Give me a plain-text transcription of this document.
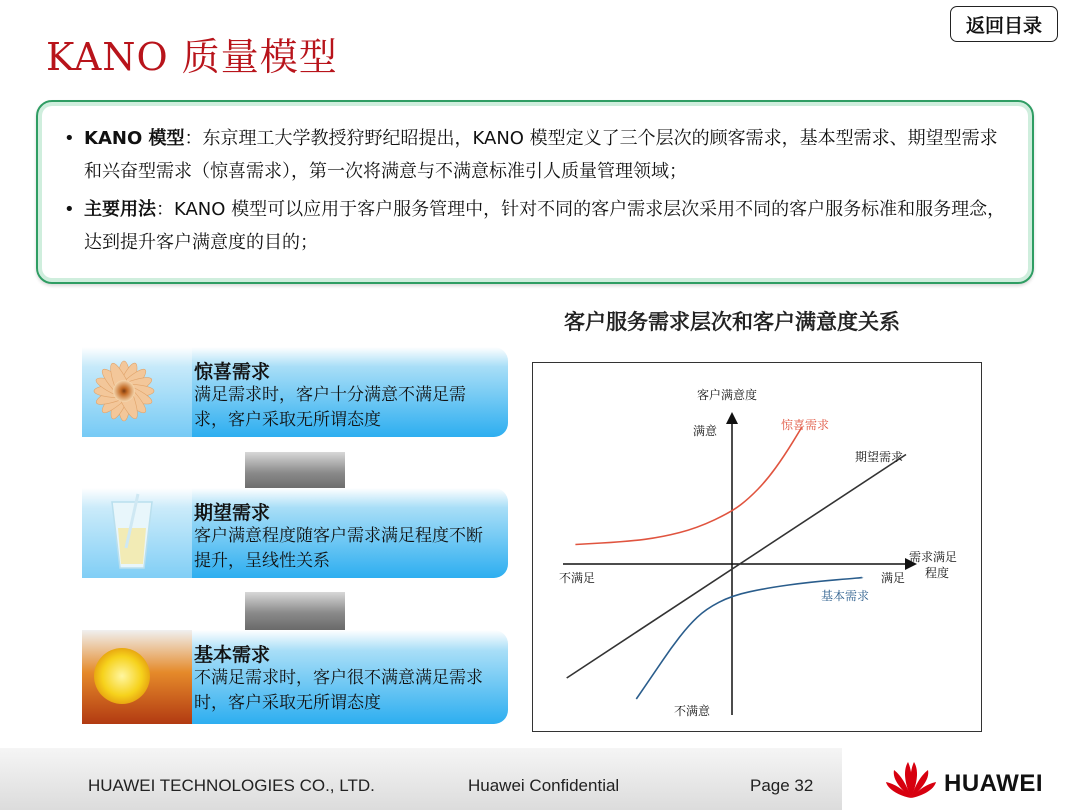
返回目录
KANO 质量模型
• KANO 模型：东京理工大学教授狩野纪昭提出，KANO 模型定义了三个层次的顾客需求，基本型需求、期望型需求和兴奋型需求（惊喜需求），第一次将满意与不满意标准引人质量管理领域；
• 主要用法：KANO 模型可以应用于客户服务管理中，针对不同的客户需求层次采用不同的客户服务标准和服务理念，达到提升客户满意度的目的；
客户服务需求层次和客户满意度关系
惊喜需求
满足需求时，客户十分满意不满足需求，客户采取无所谓态度
期望需求
客户满意程度随客户需求满足程度不断提升，呈线性关系
基本需求
不满足需求时，客户很不满意满足需求时，客户采取无所谓态度
客户满意度
满意
不满意
不满足	满足
需求满足程度
惊喜需求
期望需求
基本需求
HUAWEI TECHNOLOGIES CO., LTD.	Huawei Confidential	Page 32	HUAWEI
